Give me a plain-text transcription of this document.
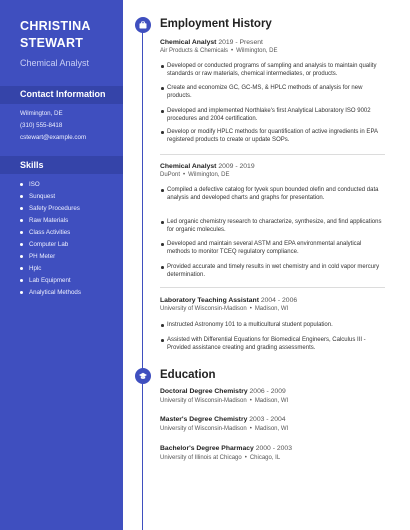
CHRISTINA
STEWART
Chemical Analyst
Contact Information
Wilmington, DE
(310) 555-8418
cstewart@example.com
Skills
ISO
Sunquest
Safety Procedures
Raw Materials
Class Activities
Computer Lab
PH Meter
Hplc
Lab Equipment
Analytical Methods
Employment History
Chemical Analyst 2019 - Present
Air Products & Chemicals • Wilmington, DE
Developed or conducted programs of sampling and analysis to maintain quality standards or raw materials, chemical intermediates, or products.
Create and economize GC, GC-MS, & HPLC methods of analysis for new products.
Developed and implemented Northlake's first Analytical Laboratory ISO 9002 procedures and 2004 certification.
Develop or modify HPLC methods for quantification of active ingredients in EPA registered products to create or update SOPs.
Chemical Analyst 2009 - 2019
DuPont • Wilmington, DE
Compiled a defective catalog for tyvek spun bounded olefin and conducted data analysis and developed charts and graphs for presentation.
Led organic chemistry research to characterize, synthesize, and find applications for organic molecules.
Developed and maintain several ASTM and EPA environmental analytical methods to monitor TCEQ regulatory compliance.
Provided accurate and timely results in wet chemistry and in cold vapor mercury determination.
Laboratory Teaching Assistant 2004 - 2006
University of Wisconsin-Madison • Madison, WI
Instructed Astronomy 101 to a multicultural student population.
Assisted with Differential Equations for Biomedical Engineers, Calculus III - Provided assistance creating and grading assessments.
Education
Doctoral Degree Chemistry 2006 - 2009
University of Wisconsin-Madison • Madison, WI
Master's Degree Chemistry 2003 - 2004
University of Wisconsin-Madison • Madison, WI
Bachelor's Degree Pharmacy 2000 - 2003
University of Illinois at Chicago • Chicago, IL
